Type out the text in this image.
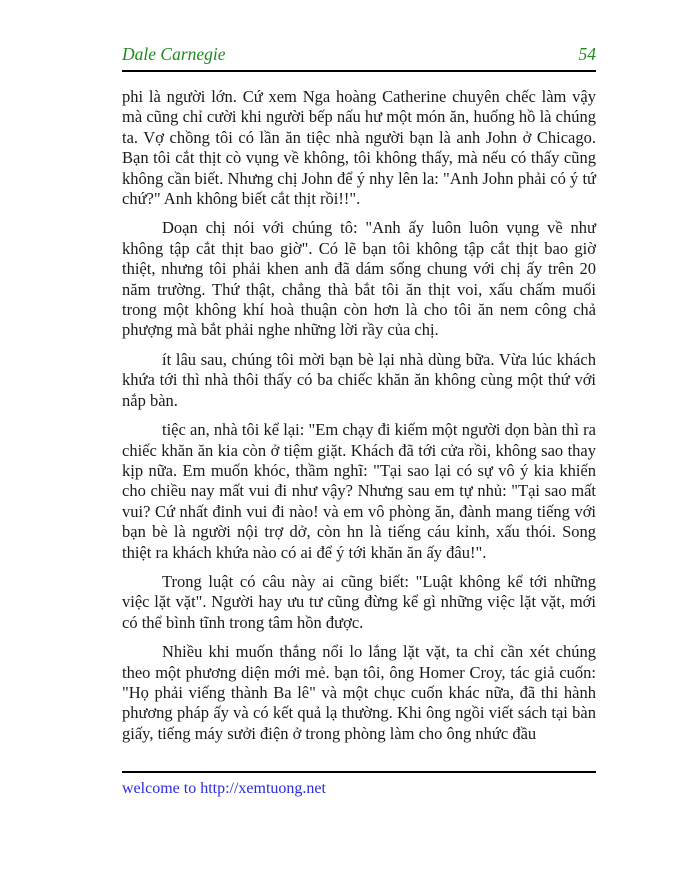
Dale Carnegie	54

phi là người lớn. Cứ xem Nga hoàng Catherine chuyên chếc làm vậy mà cũng chỉ cười khi người bếp nấu hư một món ăn, huống hồ là chúng ta. Vợ chồng tôi có lần ăn tiệc nhà người bạn là anh John ở Chicago. Bạn tôi cắt thịt cò vụng về không, tôi không thấy, mà nếu có thấy cũng không cần biết. Nhưng chị John để ý nhy lên la: "Anh John phải có ý tứ chứ?" Anh không biết cắt thịt rồi!!".

Doạn chị nói với chúng tô: "Anh ấy luôn luôn vụng về như không tập cắt thịt bao giờ". Có lẽ bạn tôi không tập cắt thịt bao giờ thiệt, nhưng tôi phải khen anh đã dám sống chung với chị ấy trên 20 năm trường. Thứ thật, chẳng thà bắt tôi ăn thịt voi, xấu chấm muối trong một không khí hoà thuận còn hơn là cho tôi ăn nem công chả phượng mà bắt phải nghe những lời rầy của chị.

ít lâu sau, chúng tôi mời bạn bè lại nhà dùng bữa. Vừa lúc khách khứa tới thì nhà thôi thấy có ba chiếc khăn ăn không cùng một thứ với nắp bàn.

tiệc an, nhà tôi kể lại: "Em chạy đi kiếm một người dọn bàn thì ra chiếc khăn ăn kia còn ở tiệm giặt. Khách đã tới cửa rồi, không sao thay kịp nữa. Em muốn khóc, thầm nghĩ: "Tại sao lại có sự vô ý kia khiến cho chiều nay mất vui đi như vậy? Nhưng sau em tự nhủ: "Tại sao mất vui? Cứ nhất đinh vui đi nào! và em vô phòng ăn, đành mang tiếng với bạn bè là người nội trợ dở, còn hn là tiếng cáu kỉnh, xấu thói. Song thiệt ra khách khứa nào có ai để ý tới khăn ăn ấy đâu!".

Trong luật có câu này ai cũng biết: "Luật không kể tới những việc lặt vặt". Người hay ưu tư cũng đừng kể gì những việc lặt vặt, mới có thể bình tĩnh trong tâm hồn được.

Nhiều khi muốn thắng nổi lo lắng lặt vặt, ta chỉ cần xét chúng theo một phương diện mới mẻ. bạn tôi, ông Homer Croy, tác giả cuốn: "Họ phải viếng thành Ba lê" và một chục cuốn khác nữa, đã thi hành phương pháp ấy và có kết quả lạ thường. Khi ông ngồi viết sách tại bàn giấy, tiếng máy sưởi điện ở trong phòng làm cho ông nhức đầu

welcome to http://xemtuong.net
